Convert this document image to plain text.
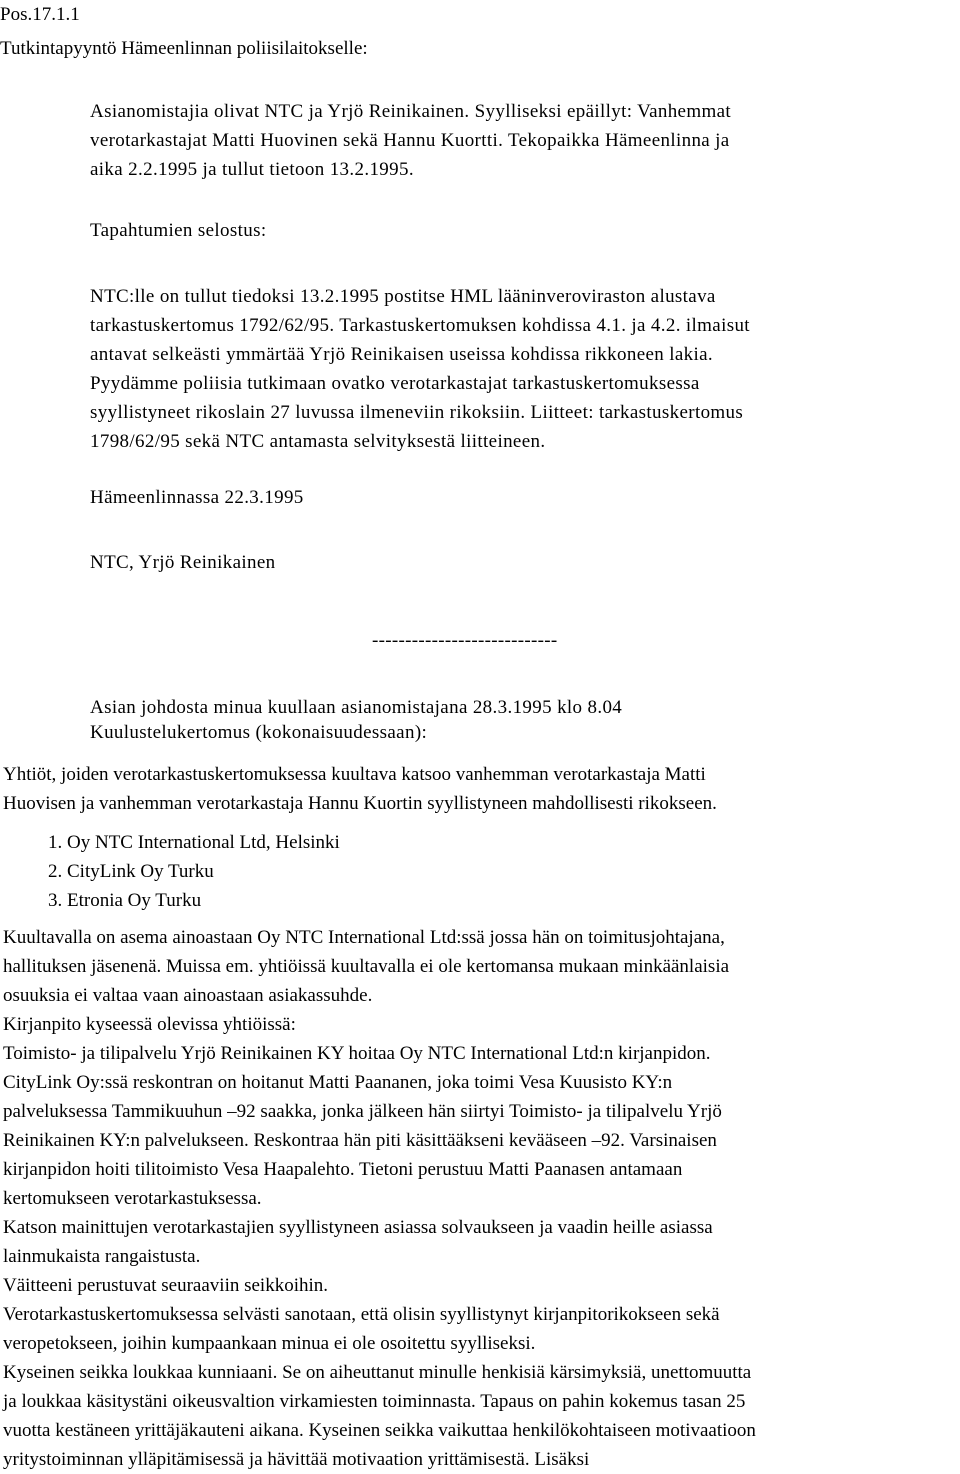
Pos.17.1.1

Tutkintapyyntö Hämeenlinnan poliisilaitokselle:

Asianomistajia olivat NTC ja Yrjö Reinikainen. Syylliseksi epäillyt: Vanhemmat
verotarkastajat Matti Huovinen sekä Hannu Kuortti. Tekopaikka Hämeenlinna ja
aika 2.2.1995 ja tullut tietoon 13.2.1995.

Tapahtumien selostus:

NTC:lle on tullut tiedoksi 13.2.1995 postitse HML lääninveroviraston alustava
tarkastuskertomus 1792/62/95. Tarkastuskertomuksen kohdissa 4.1. ja 4.2. ilmaisut
antavat selkeästi ymmärtää Yrjö Reinikaisen useissa kohdissa rikkoneen lakia.
Pyydämme poliisia tutkimaan ovatko verotarkastajat tarkastuskertomuksessa
syyllistyneet rikoslain 27 luvussa ilmeneviin rikoksiin. Liitteet: tarkastuskertomus
1798/62/95 sekä NTC antamasta selvityksestä liitteineen.

Hämeenlinnassa 22.3.1995

NTC, Yrjö Reinikainen

----------------------------

Asian johdosta minua kuullaan asianomistajana 28.3.1995 klo 8.04

Kuulustelukertomus (kokonaisuudessaan):

Yhtiöt, joiden verotarkastuskertomuksessa kuultava katsoo vanhemman verotarkastaja Matti
Huovisen ja vanhemman verotarkastaja Hannu Kuortin syyllistyneen mahdollisesti rikokseen.
1. Oy NTC International Ltd, Helsinki
2. CityLink Oy Turku
3. Etronia Oy Turku
Kuultavalla on asema ainoastaan Oy NTC International Ltd:ssä jossa hän on toimitusjohtajana,
hallituksen jäsenenä. Muissa em. yhtiöissä kuultavalla ei ole kertomansa mukaan minkäänlaisia
osuuksia ei valtaa vaan ainoastaan asiakassuhde.
Kirjanpito kyseessä olevissa yhtiöissä:
Toimisto- ja tilipalvelu Yrjö Reinikainen KY hoitaa Oy NTC International Ltd:n kirjanpidon.
CityLink Oy:ssä reskontran on hoitanut Matti Paananen, joka toimi Vesa Kuusisto KY:n
palveluksessa Tammikuuhun –92 saakka, jonka jälkeen hän siirtyi Toimisto- ja tilipalvelu Yrjö
Reinikainen KY:n palvelukseen. Reskontraa hän piti käsittääkseni kevääseen –92. Varsinaisen
kirjanpidon hoiti tilitoimisto Vesa Haapalehto. Tietoni perustuu Matti Paanasen antamaan
kertomukseen verotarkastuksessa.
Katson mainittujen verotarkastajien syyllistyneen asiassa solvaukseen ja vaadin heille asiassa
lainmukaista rangaistusta.
Väitteeni perustuvat seuraaviin seikkoihin.
Verotarkastuskertomuksessa selvästi sanotaan, että olisin syyllistynyt kirjanpitorikokseen sekä
veropetokseen, joihin kumpaankaan minua ei ole osoitettu syylliseksi.
Kyseinen seikka loukkaa kunniaani. Se on aiheuttanut minulle henkisiä kärsimyksiä, unettomuutta
ja loukkaa käsitystäni oikeusvaltion virkamiesten toiminnasta. Tapaus on pahin kokemus tasan 25
vuotta kestäneen yrittäjäkauteni aikana. Kyseinen seikka vaikuttaa henkilökohtaiseen motivaatioon
yritystoiminnan ylläpitämisessä ja hävittää motivaation yrittämisestä. Lisäksi
